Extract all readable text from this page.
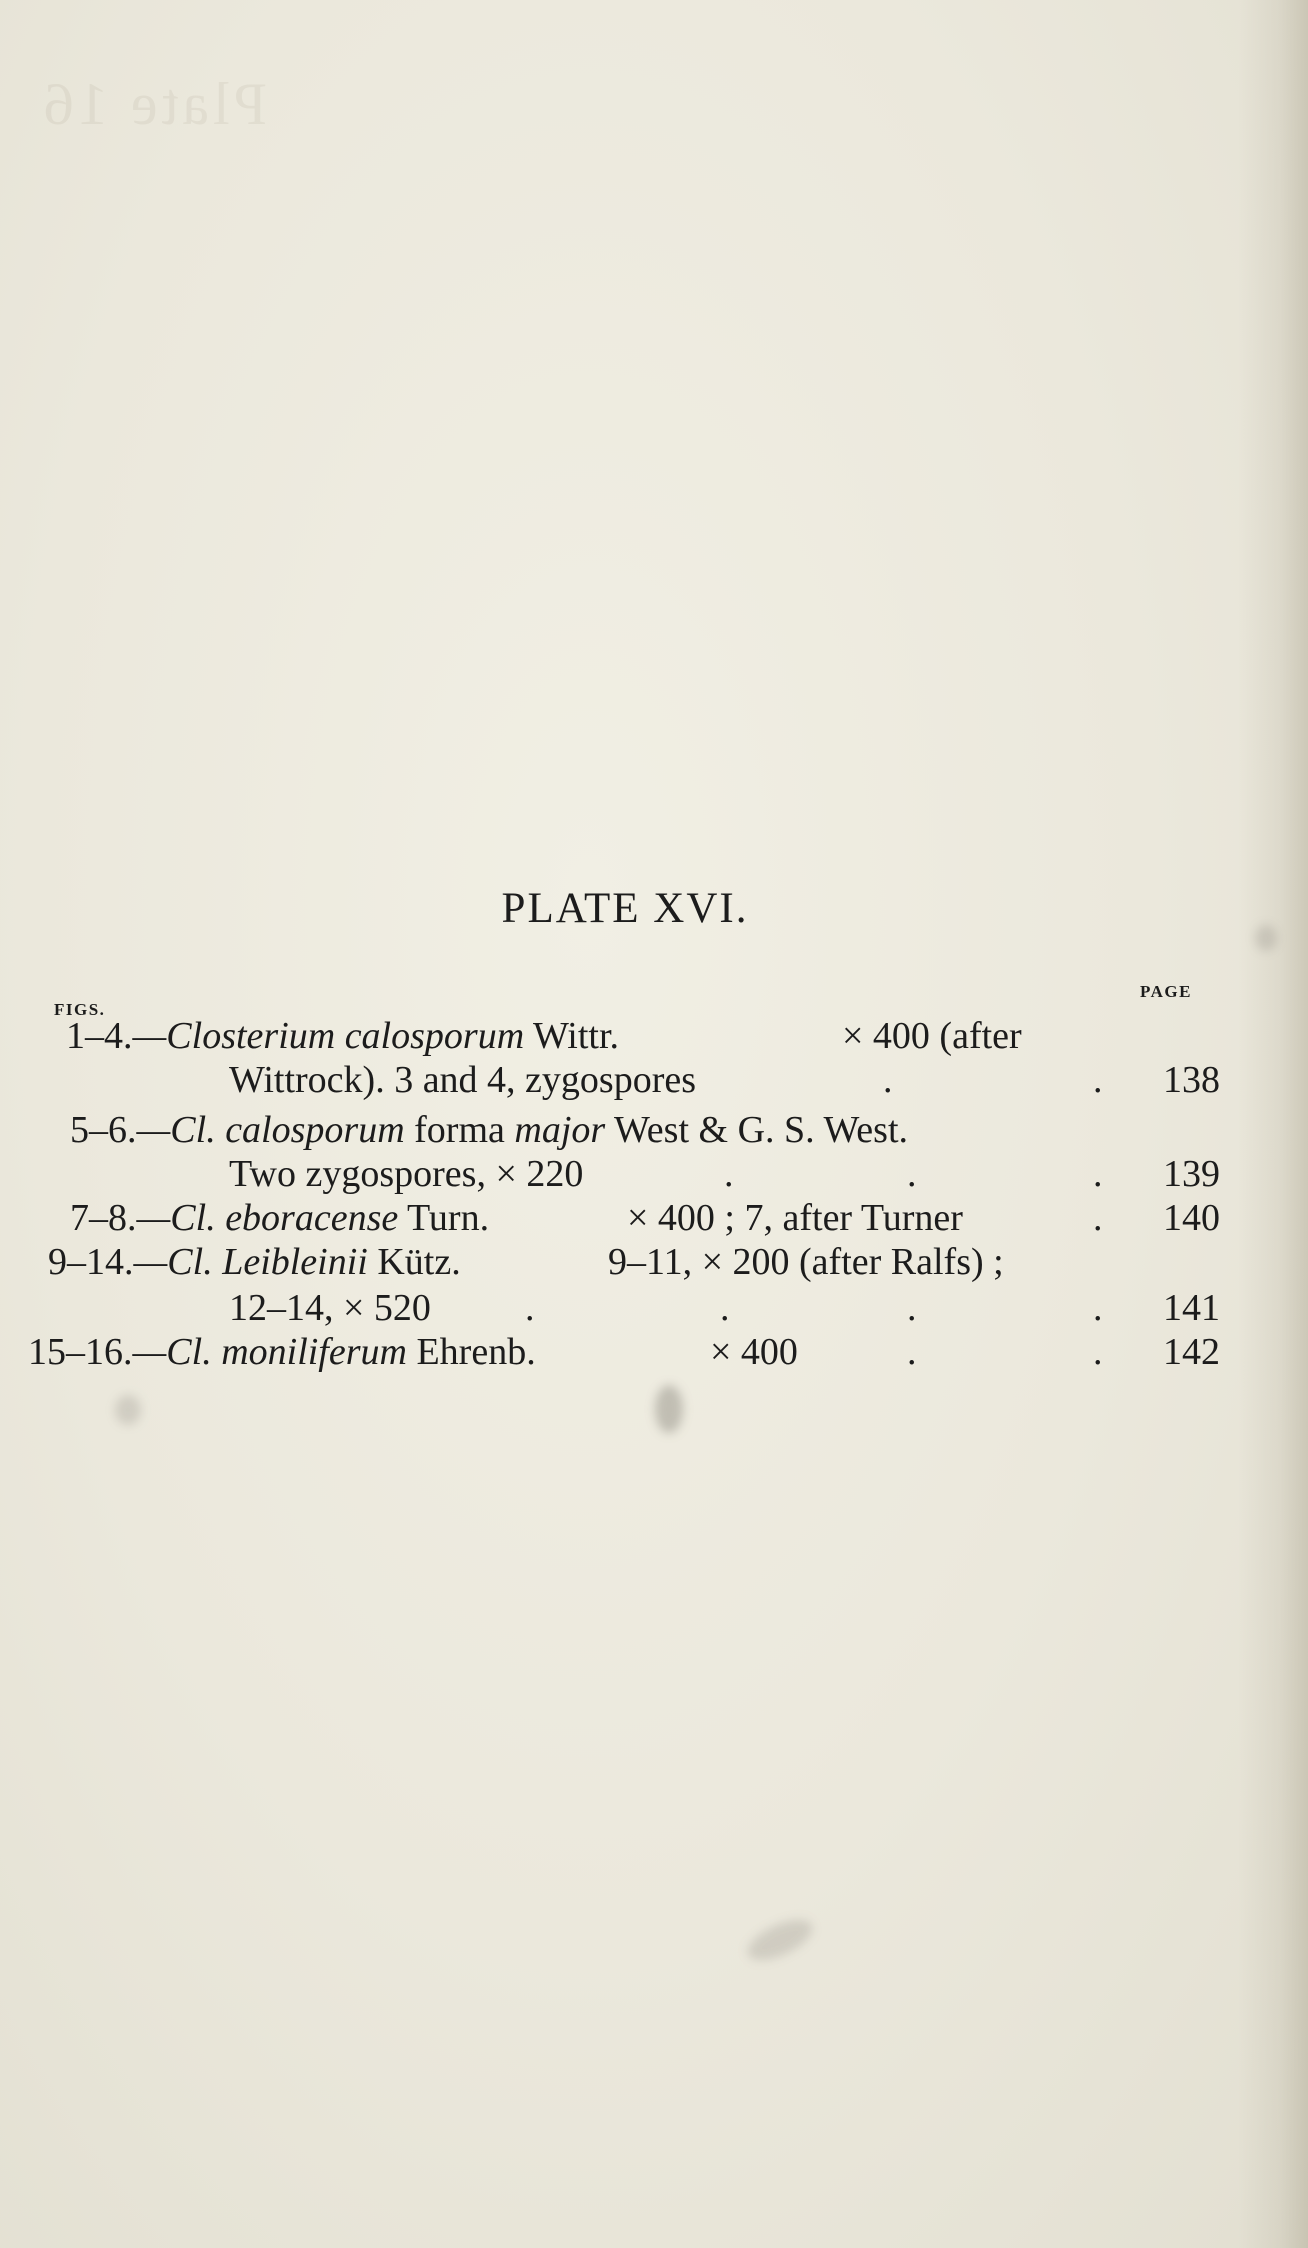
Plate 16
PLATE XVI.
FIGS.
PAGE
1–4.—Closterium calosporum Wittr.	× 400 (after
Wittrock). 3 and 4, zygospores	.	.	138
5–6.—Cl. calosporum forma major West & G. S. West.
Two zygospores, × 220	.	.	.	139
7–8.—Cl. eboracense Turn.	× 400 ; 7, after Turner	.	140
9–14.—Cl. Leibleinii Kütz.	9–11, × 200 (after Ralfs) ;
12–14, × 520 .	.	.	.	141
15–16.—Cl. moniliferum Ehrenb.	× 400	.	.	142
